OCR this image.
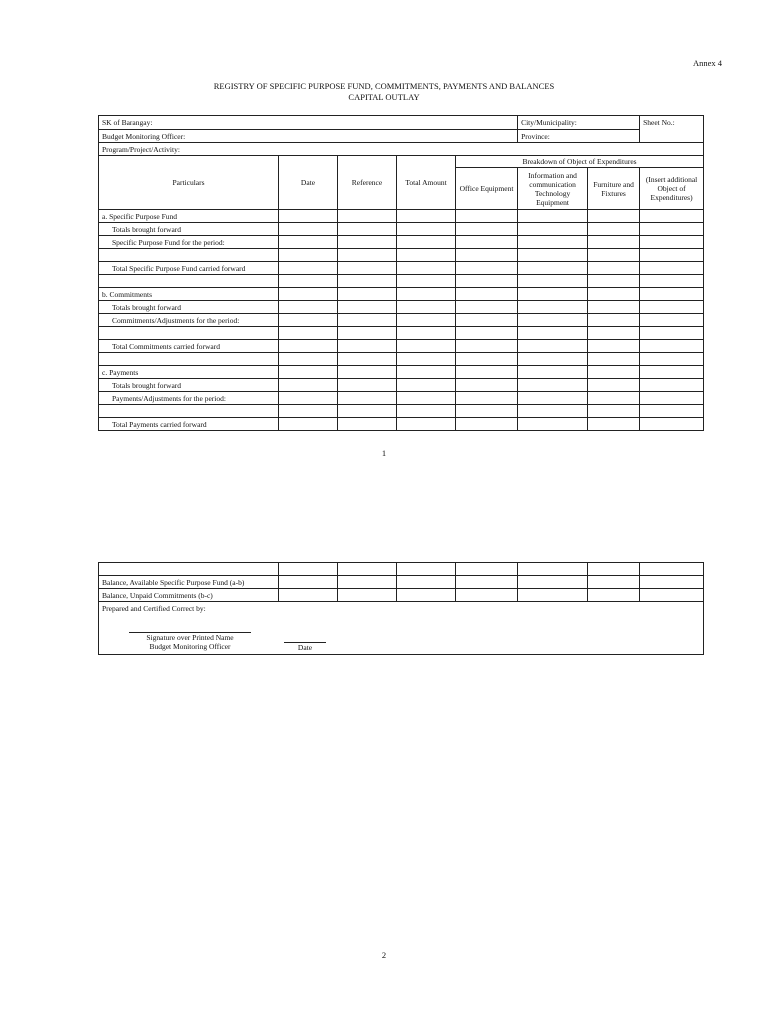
Annex 4
REGISTRY OF SPECIFIC PURPOSE FUND, COMMITMENTS, PAYMENTS AND BALANCES
CAPITAL OUTLAY
SK of Barangay:					City/Municipality:		Sheet No.:
Budget Monitoring Officer:					Province:		
Program/Project/Activity:							
Particulars	Date	Reference	Total Amount	Breakdown of Object of Expenditures			
				Office Equipment	Information and communication Technology Equipment	Furniture and Fixtures	(Insert additional Object of Expenditures)
a. Specific Purpose Fund							
Totals brought forward							
Specific Purpose Fund for the period:							

Total Specific Purpose Fund carried forward							

b. Commitments							
Totals brought forward							
Commitments/Adjustments for the period:							

Total Commitments carried forward							

c. Payments							
Totals brought forward							
Payments/Adjustments for the period:							

Total Payments carried forward							
1

Balance, Available Specific Purpose Fund (a-b)							
Balance, Unpaid Commitments (b-c)							

Prepared and Certified Correct by:
Signature over Printed Name
Budget Monitoring Officer Date							
2
